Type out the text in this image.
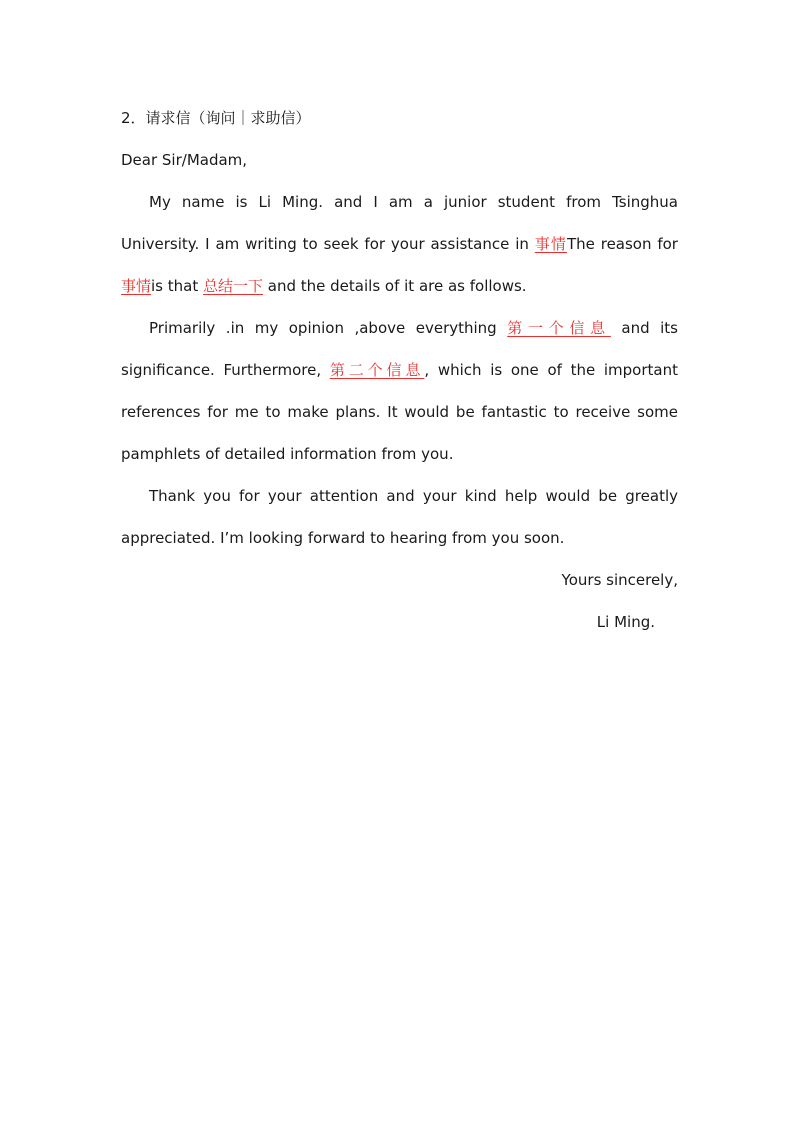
2．请求信（询问｜求助信）

Dear Sir/Madam,

My name is Li Ming. and I am a junior student from Tsinghua University. I am writing to seek for your assistance in 事情The reason for 事情is that 总结一下 and the details of it are as follows.

Primarily .in my opinion ,above everything 第一个信息 and its significance. Furthermore, 第二个信息, which is one of the important references for me to make plans. It would be fantastic to receive some pamphlets of detailed information from you.

Thank you for your attention and your kind help would be greatly appreciated. I’m looking forward to hearing from you soon.

Yours sincerely,

Li Ming.
